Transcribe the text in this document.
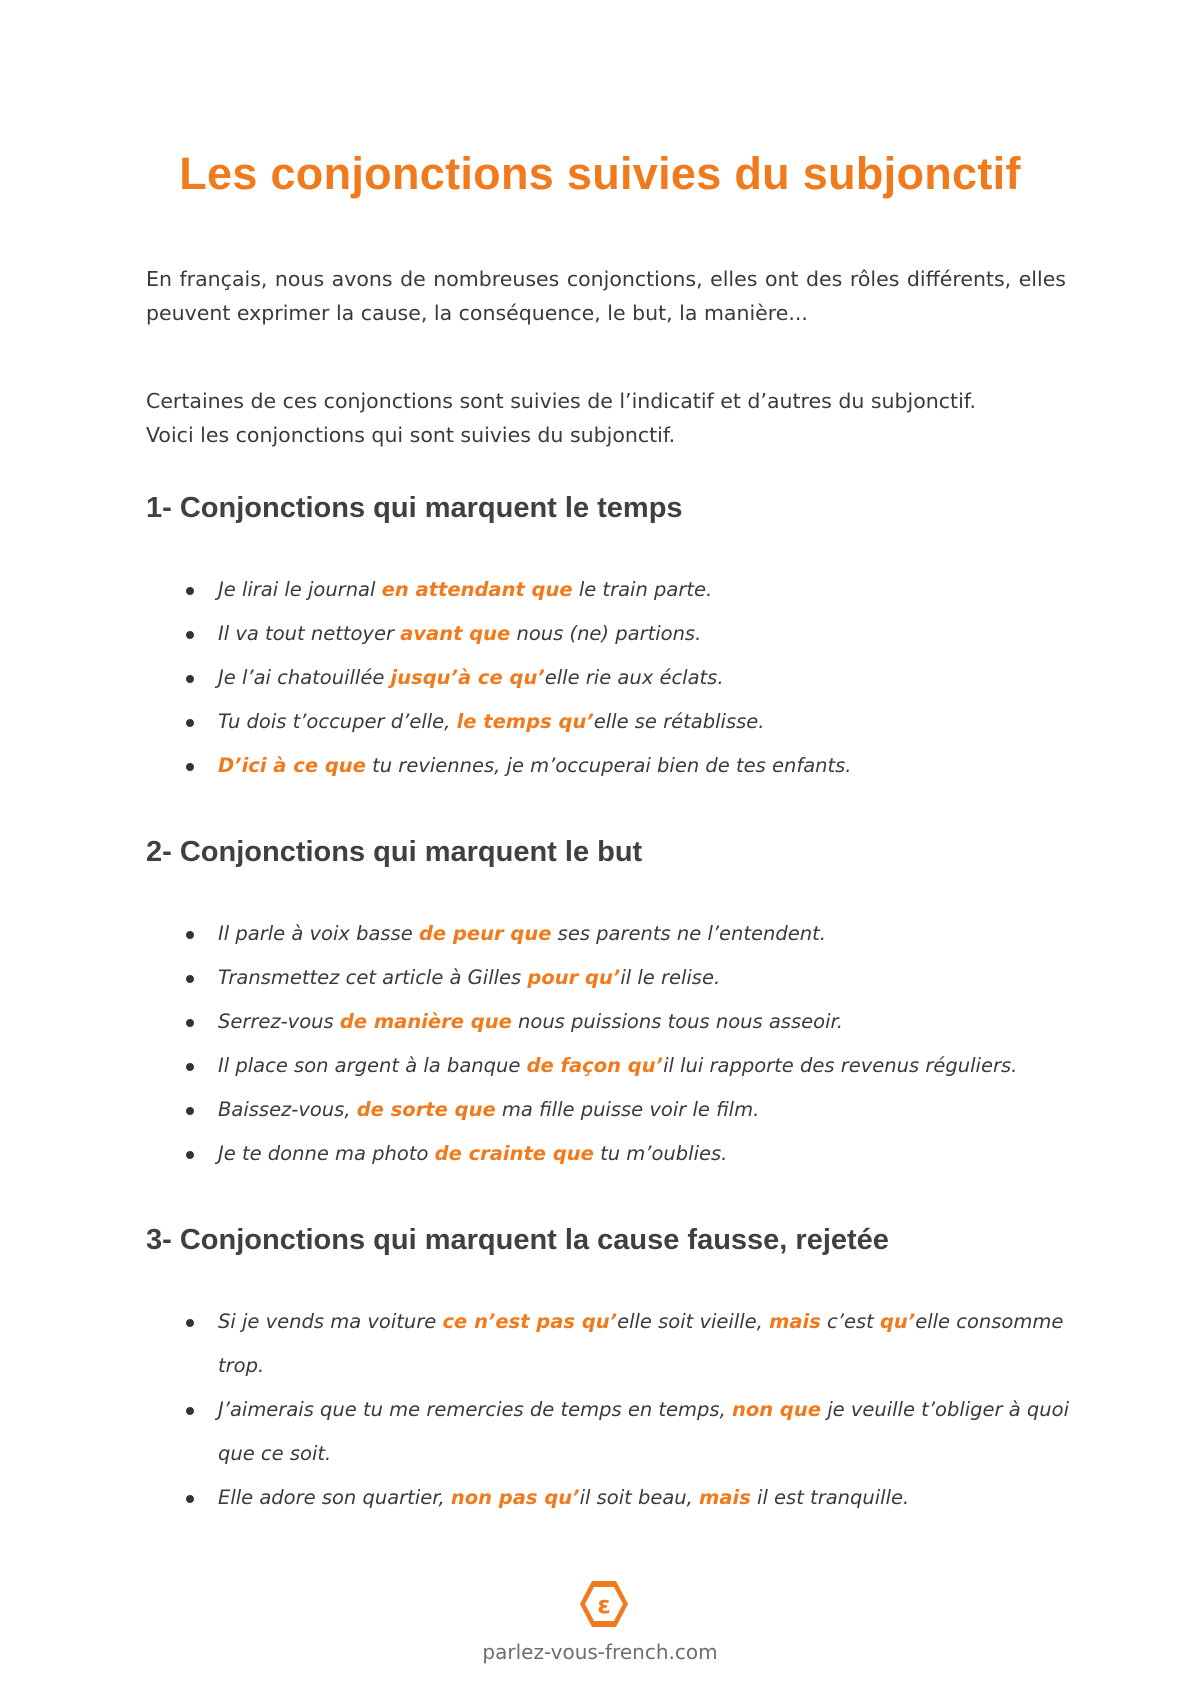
Les conjonctions suivies du subjonctif

En français, nous avons de nombreuses conjonctions, elles ont des rôles différents, elles peuvent exprimer la cause, la conséquence, le but, la manière...

Certaines de ces conjonctions sont suivies de l’indicatif et d’autres du subjonctif.

Voici les conjonctions qui sont suivies du subjonctif.

1- Conjonctions qui marquent le temps
Je lirai le journal en attendant que le train parte.
Il va tout nettoyer avant que nous (ne) partions.
Je l’ai chatouillée jusqu’à ce qu’elle rie aux éclats.
Tu dois t’occuper d’elle, le temps qu’elle se rétablisse.
D’ici à ce que tu reviennes, je m’occuperai bien de tes enfants.
2- Conjonctions qui marquent le but
Il parle à voix basse de peur que ses parents ne l’entendent.
Transmettez cet article à Gilles pour qu’il le relise.
Serrez-vous de manière que nous puissions tous nous asseoir.
Il place son argent à la banque de façon qu’il lui rapporte des revenus réguliers.
Baissez-vous, de sorte que ma fille puisse voir le film.
Je te donne ma photo de crainte que tu m’oublies.
3- Conjonctions qui marquent la cause fausse, rejetée
Si je vends ma voiture ce n’est pas qu’elle soit vieille, mais c’est qu’elle consomme trop.
J’aimerais que tu me remercies de temps en temps, non que je veuille t’obliger à quoi que ce soit.
Elle adore son quartier, non pas qu’il soit beau, mais il est tranquille.
ε
parlez-vous-french.com
